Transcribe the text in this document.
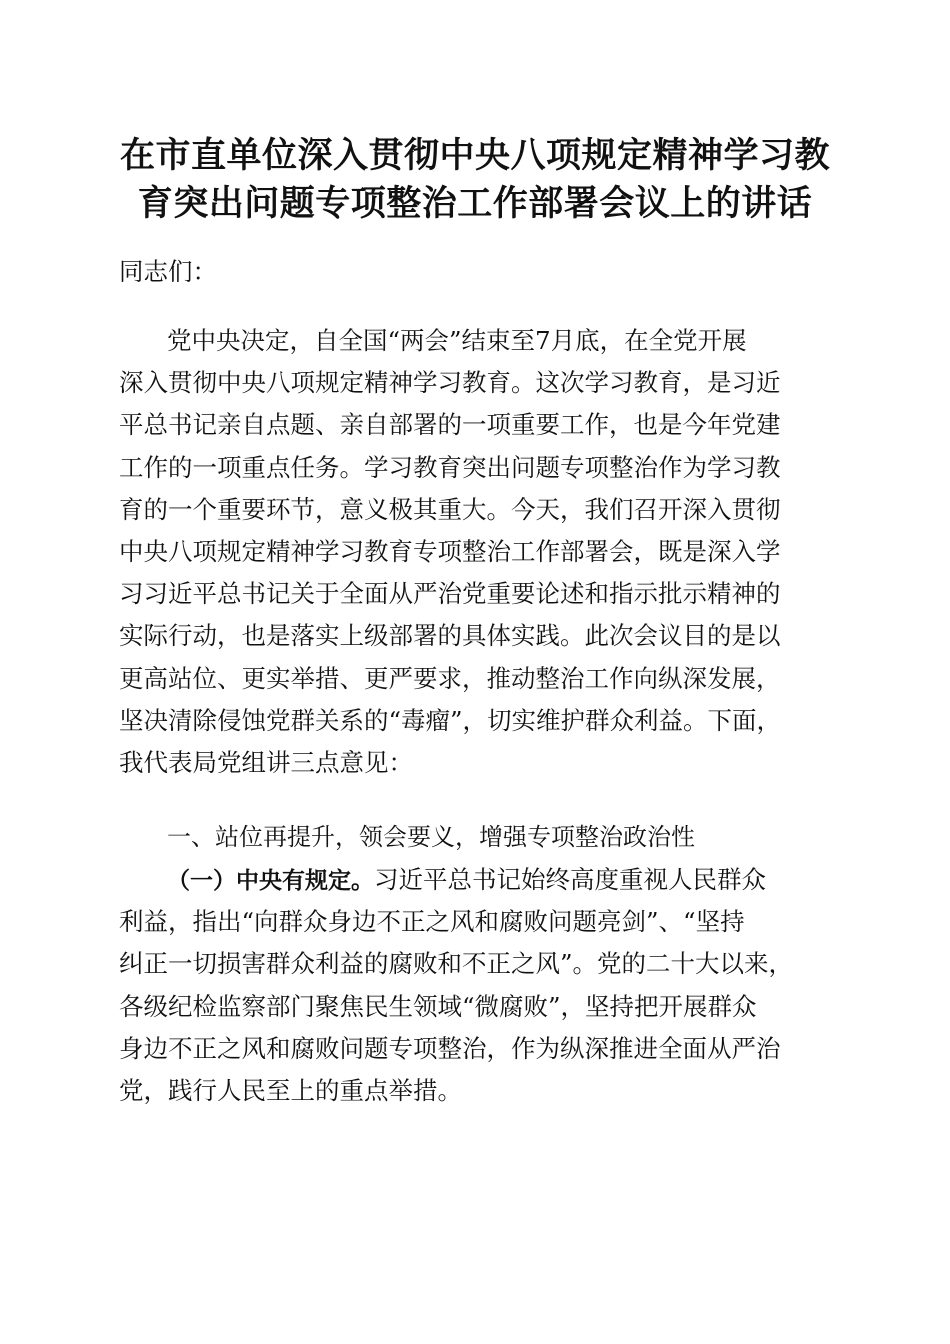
在市直单位深入贯彻中央八项规定精神学习教
育突出问题专项整治工作部署会议上的讲话
同志们：
党中央决定，自全国“两会”结束至7月底，在全党开展
深入贯彻中央八项规定精神学习教育。这次学习教育，是习近
平总书记亲自点题、亲自部署的一项重要工作，也是今年党建
工作的一项重点任务。学习教育突出问题专项整治作为学习教
育的一个重要环节，意义极其重大。今天，我们召开深入贯彻
中央八项规定精神学习教育专项整治工作部署会，既是深入学
习习近平总书记关于全面从严治党重要论述和指示批示精神的
实际行动，也是落实上级部署的具体实践。此次会议目的是以
更高站位、更实举措、更严要求，推动整治工作向纵深发展，
坚决清除侵蚀党群关系的“毒瘤”，切实维护群众利益。下面，
我代表局党组讲三点意见：
一、站位再提升，领会要义，增强专项整治政治性
（一）中央有规定。习近平总书记始终高度重视人民群众
利益，指出“向群众身边不正之风和腐败问题亮剑”、“坚持
纠正一切损害群众利益的腐败和不正之风”。党的二十大以来，
各级纪检监察部门聚焦民生领域“微腐败”，坚持把开展群众
身边不正之风和腐败问题专项整治，作为纵深推进全面从严治
党，践行人民至上的重点举措。
